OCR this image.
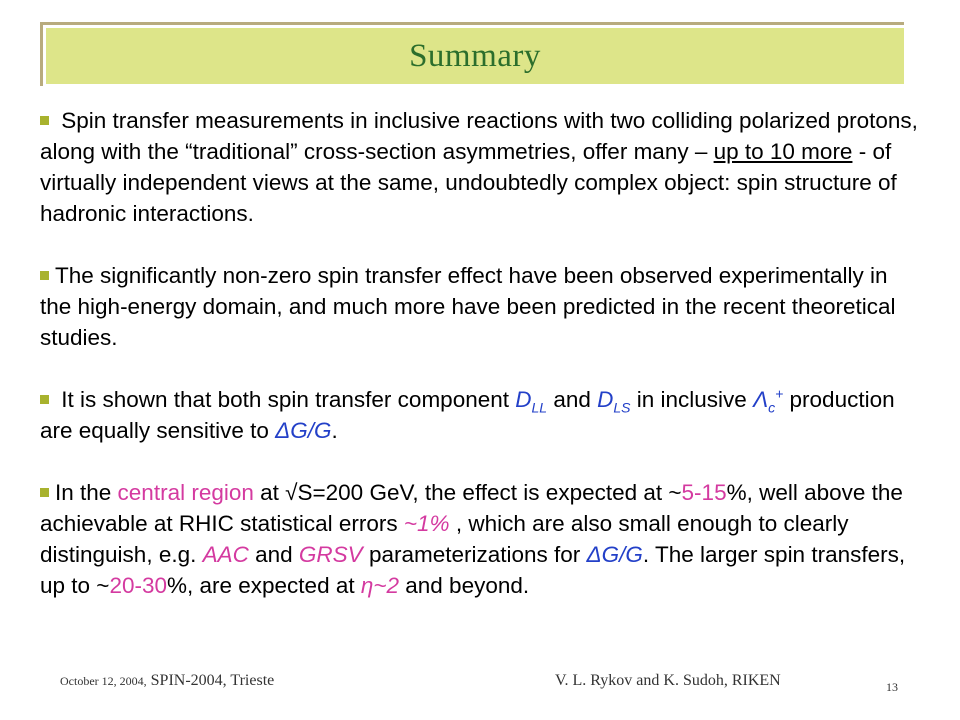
Summary

Spin transfer measurements in inclusive reactions with two colliding polarized protons, along with the “traditional” cross-section asymmetries, offer many – up to 10 more - of virtually independent views at the same, undoubtedly complex object: spin structure of hadronic interactions.

The significantly non-zero spin transfer effect have been observed experimentally in the high-energy domain, and much more have been predicted in the recent theoretical studies.

It is shown that both spin transfer component $D_{LL}$ and $D_{LS}$ in inclusive $\Lambda_c^+$ production are equally sensitive to ΔG/G.

In the central region at √S=200 GeV, the effect is expected at ~5-15%, well above the achievable at RHIC statistical errors ~1% , which are also small enough to clearly distinguish, e.g. AAC and GRSV parameterizations for ΔG/G. The larger spin transfers, up to ~20-30%, are expected at η~2 and beyond.

October 12, 2004, SPIN-2004, Trieste	V. L. Rykov and K. Sudoh, RIKEN	13
